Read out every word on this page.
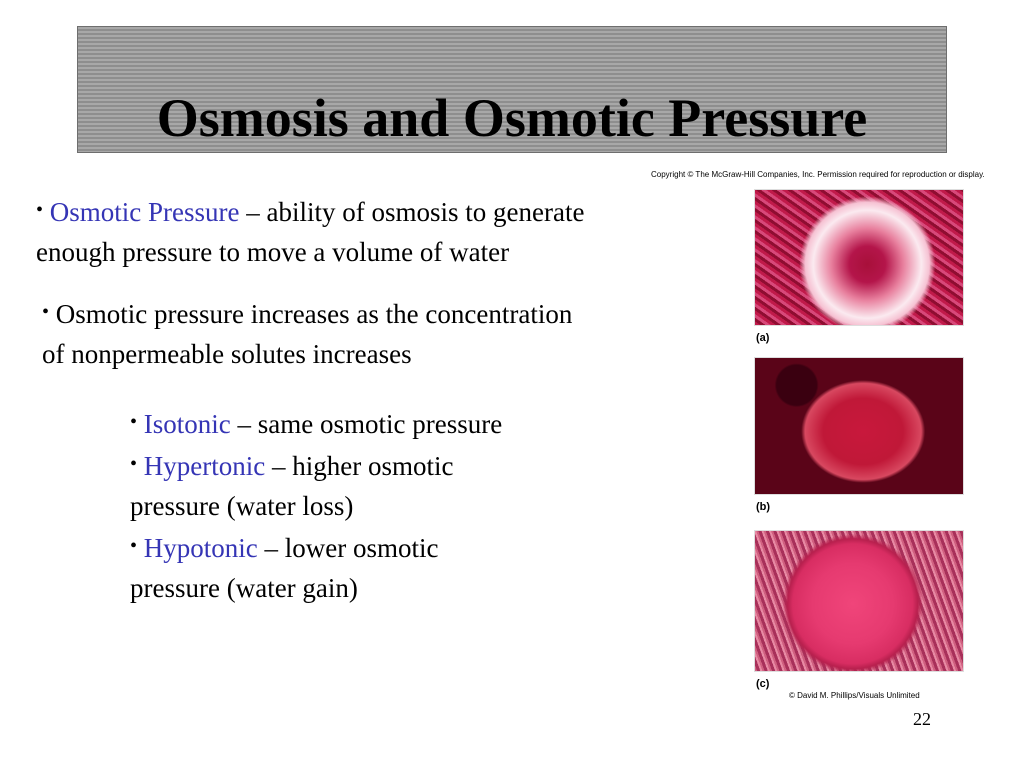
Osmosis and Osmotic Pressure
Copyright © The McGraw-Hill Companies, Inc. Permission required for reproduction or display.
• Osmotic Pressure – ability of osmosis to generate
enough pressure to move a volume of water
• Osmotic pressure increases as the concentration
of nonpermeable solutes increases
• Isotonic – same osmotic pressure
• Hypertonic – higher osmotic
pressure (water loss)
• Hypotonic – lower osmotic
pressure (water gain)
(a)
(b)
(c)
© David M. Phillips/Visuals Unlimited
22
